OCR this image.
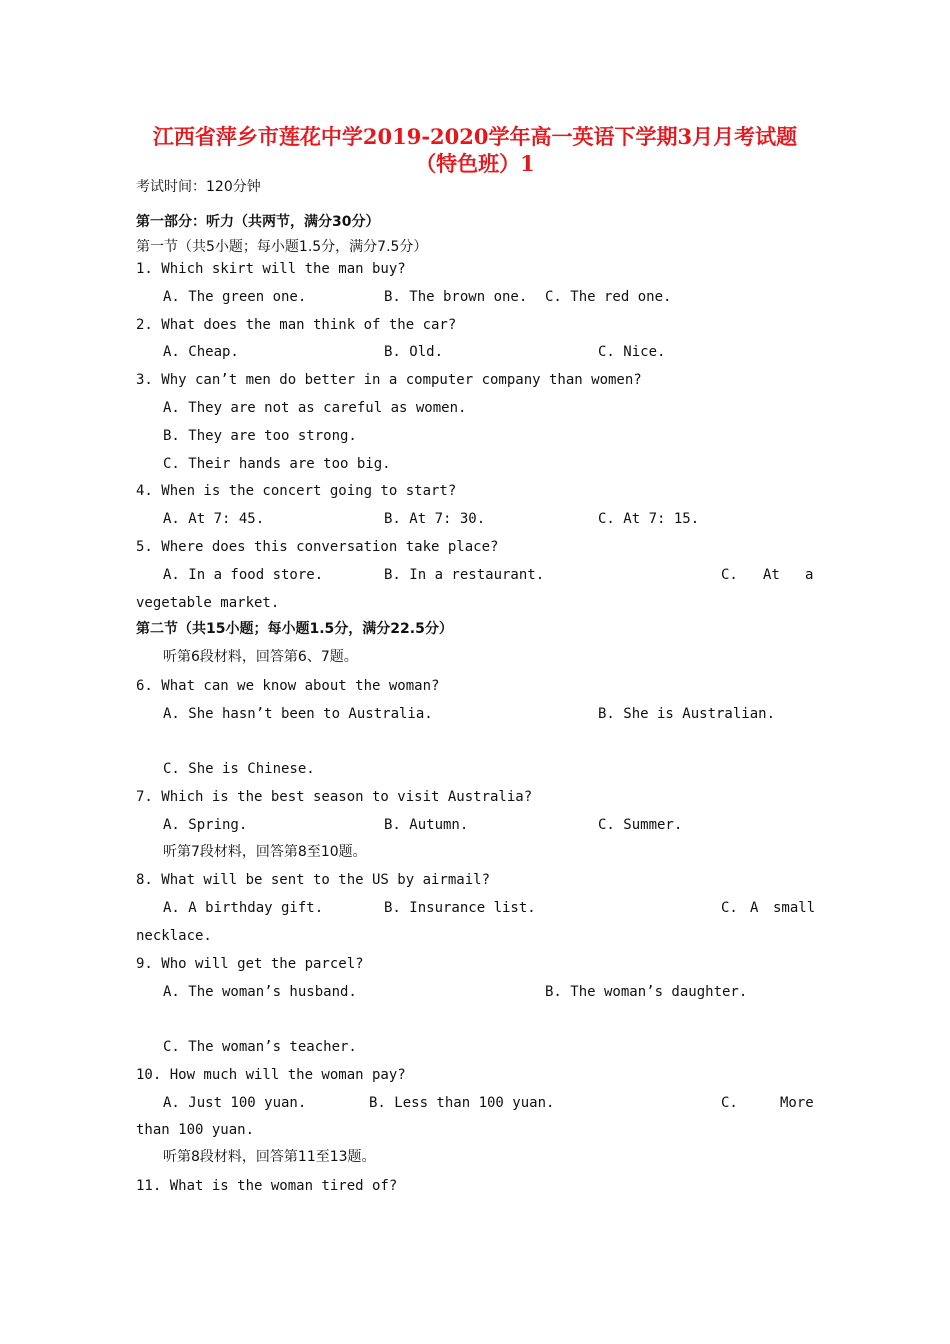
江西省萍乡市莲花中学2019-2020学年高一英语下学期3月月考试题
（特色班）1
考试时间：120分钟
第一部分：听力（共两节，满分30分）
第一节（共5小题；每小题1.5分，满分7.5分）
1. Which skirt will the man buy?
A. The green one.	B. The brown one. C. The red one.
2. What does the man think of the car?
A. Cheap.	B. Old.	C. Nice.
3. Why can’t men do better in a computer company than women?
A. They are not as careful as women.
B. They are too strong.
C. Their hands are too big.
4. When is the concert going to start?
A. At 7: 45.	B. At 7: 30.	C. At 7: 15.
5. Where does this conversation take place?
A. In a food store.	B. In a restaurant.	C. At a
vegetable market.
第二节（共15小题；每小题1.5分，满分22.5分）
听第6段材料，回答第6、7题。
6. What can we know about the woman?
A. She hasn’t been to Australia.	B. She is Australian.
C. She is Chinese.
7. Which is the best season to visit Australia?
A. Spring.	B. Autumn.	C. Summer.
听第7段材料，回答第8至10题。
8. What will be sent to the US by airmail?
A. A birthday gift.	B. Insurance list.	C. A small
necklace.
9. Who will get the parcel?
A. The woman’s husband.	B. The woman’s daughter.
C. The woman’s teacher.
10. How much will the woman pay?
A. Just 100 yuan.	B. Less than 100 yuan.	C.	More
than 100 yuan.
听第8段材料，回答第11至13题。
11. What is the woman tired of?
